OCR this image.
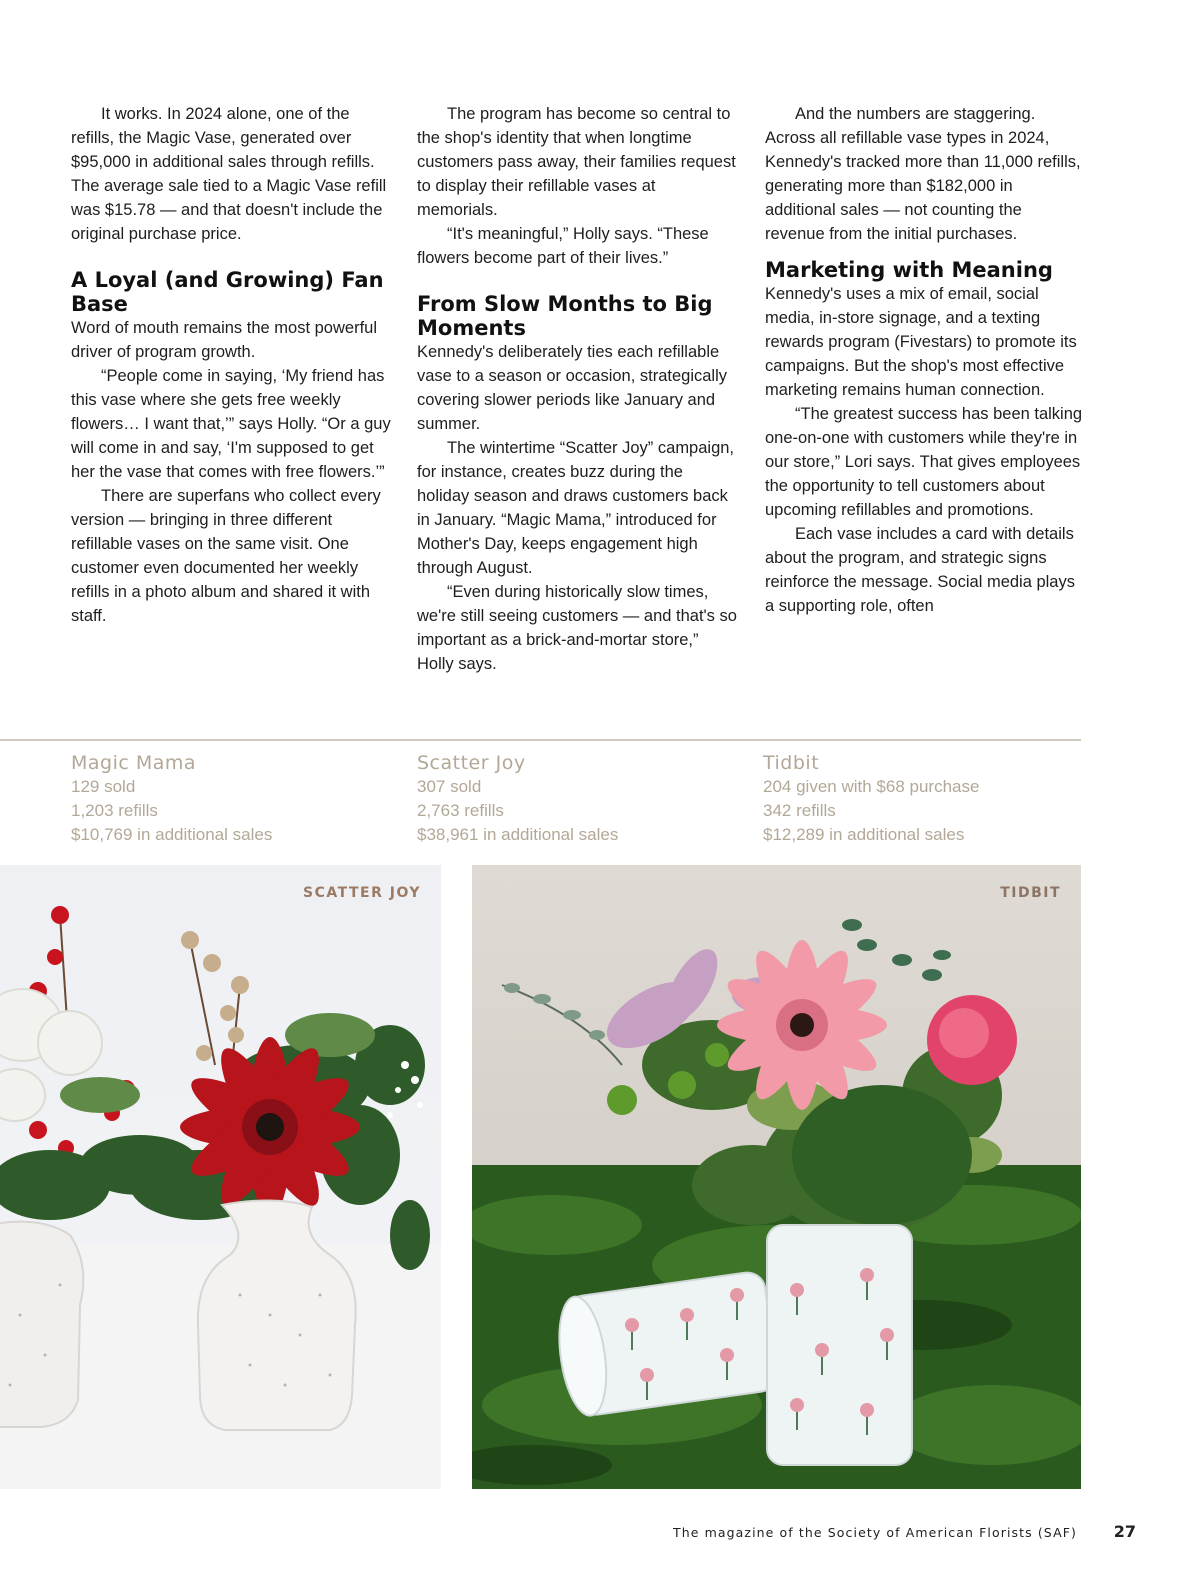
It works. In 2024 alone, one of the refills, the Magic Vase, generated over $95,000 in additional sales through refills. The average sale tied to a Magic Vase refill was $15.78 — and that doesn't include the original purchase price.

A Loyal (and Growing) Fan Base

Word of mouth remains the most powerful driver of program growth.

“People come in saying, ‘My friend has this vase where she gets free weekly flowers… I want that,’” says Holly. “Or a guy will come in and say, ‘I'm supposed to get her the vase that comes with free flowers.’”

There are superfans who collect every version — bringing in three different refillable vases on the same visit. One customer even documented her weekly refills in a photo album and shared it with staff.

The program has become so central to the shop's identity that when longtime customers pass away, their families request to display their refillable vases at memorials.

“It's meaningful,” Holly says. “These flowers become part of their lives.”

From Slow Months to Big Moments

Kennedy's deliberately ties each refillable vase to a season or occasion, strategically covering slower periods like January and summer.

The wintertime “Scatter Joy” campaign, for instance, creates buzz during the holiday season and draws customers back in January. “Magic Mama,” introduced for Mother's Day, keeps engagement high through August.

“Even during historically slow times, we're still seeing customers — and that's so important as a brick-and-mortar store,” Holly says.

And the numbers are staggering. Across all refillable vase types in 2024, Kennedy's tracked more than 11,000 refills, generating more than $182,000 in additional sales — not counting the revenue from the initial purchases.

Marketing with Meaning

Kennedy's uses a mix of email, social media, in-store signage, and a texting rewards program (Fivestars) to promote its campaigns. But the shop's most effective marketing remains human connection.

“The greatest success has been talking one-on-one with customers while they're in our store,” Lori says. That gives employees the opportunity to tell customers about upcoming refillables and promotions.

Each vase includes a card with details about the program, and strategic signs reinforce the message. Social media plays a supporting role, often

Magic Mama
129 sold
1,203 refills
$10,769 in additional sales
Scatter Joy
307 sold
2,763 refills
$38,961 in additional sales
Tidbit
204 given with $68 purchase
342 refills
$12,289 in additional sales
SCATTER JOY	TIDBIT
The magazine of the Society of American Florists (SAF) 27
